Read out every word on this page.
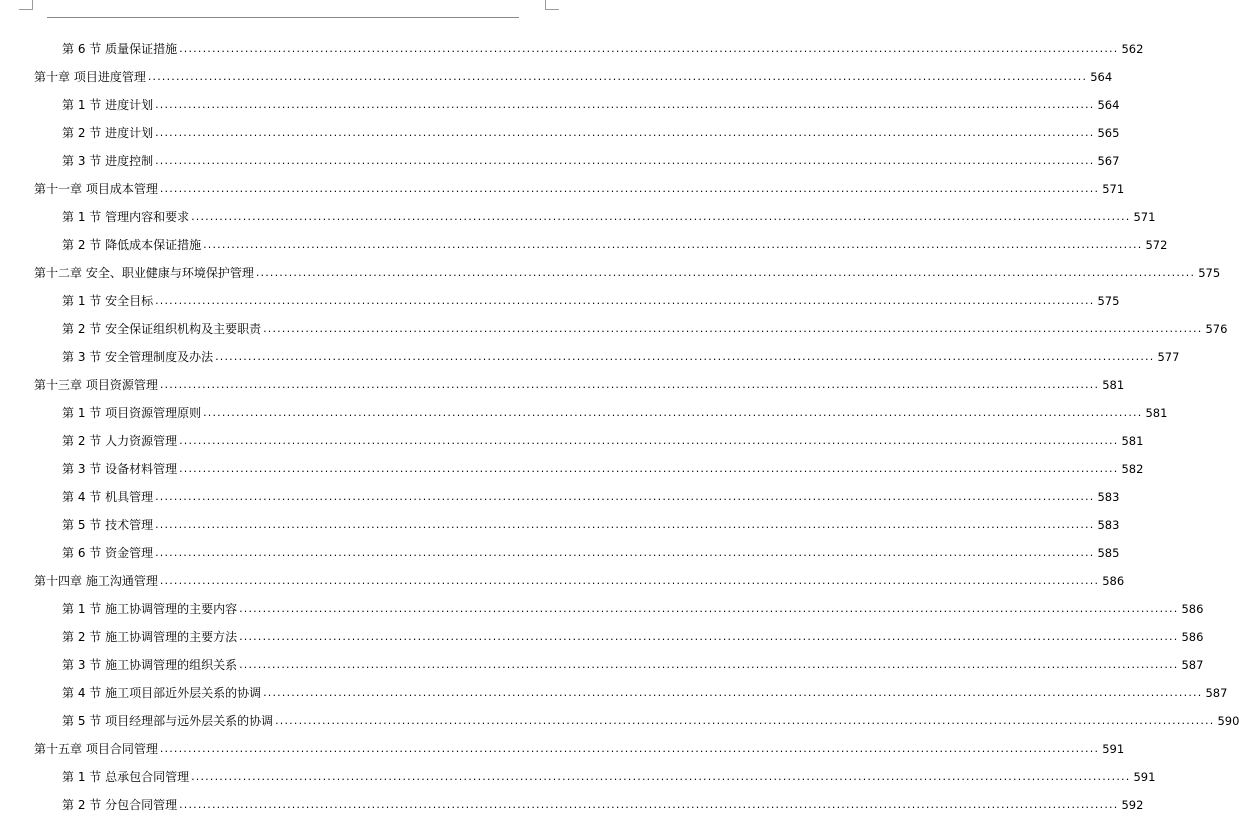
第 6 节 质量保证措施 ........................................................................................................................................................................................................ 562
第十章 项目进度管理 ........................................................................................................................................................................................................ 564
第 1 节 进度计划 ........................................................................................................................................................................................................ 564
第 2 节 进度计划 ........................................................................................................................................................................................................ 565
第 3 节 进度控制 ........................................................................................................................................................................................................ 567
第十一章 项目成本管理 ........................................................................................................................................................................................................ 571
第 1 节 管理内容和要求 ........................................................................................................................................................................................................ 571
第 2 节 降低成本保证措施 ........................................................................................................................................................................................................ 572
第十二章 安全、职业健康与环境保护管理 ........................................................................................................................................................................................................ 575
第 1 节 安全目标 ........................................................................................................................................................................................................ 575
第 2 节 安全保证组织机构及主要职责 ........................................................................................................................................................................................................ 576
第 3 节 安全管理制度及办法 ........................................................................................................................................................................................................ 577
第十三章 项目资源管理 ........................................................................................................................................................................................................ 581
第 1 节 项目资源管理原则 ........................................................................................................................................................................................................ 581
第 2 节 人力资源管理 ........................................................................................................................................................................................................ 581
第 3 节 设备材料管理 ........................................................................................................................................................................................................ 582
第 4 节 机具管理 ........................................................................................................................................................................................................ 583
第 5 节 技术管理 ........................................................................................................................................................................................................ 583
第 6 节 资金管理 ........................................................................................................................................................................................................ 585
第十四章 施工沟通管理 ........................................................................................................................................................................................................ 586
第 1 节 施工协调管理的主要内容 ........................................................................................................................................................................................................ 586
第 2 节 施工协调管理的主要方法 ........................................................................................................................................................................................................ 586
第 3 节 施工协调管理的组织关系 ........................................................................................................................................................................................................ 587
第 4 节 施工项目部近外层关系的协调 ........................................................................................................................................................................................................ 587
第 5 节 项目经理部与远外层关系的协调 ........................................................................................................................................................................................................ 590
第十五章 项目合同管理 ........................................................................................................................................................................................................ 591
第 1 节 总承包合同管理 ........................................................................................................................................................................................................ 591
第 2 节 分包合同管理 ........................................................................................................................................................................................................ 592
